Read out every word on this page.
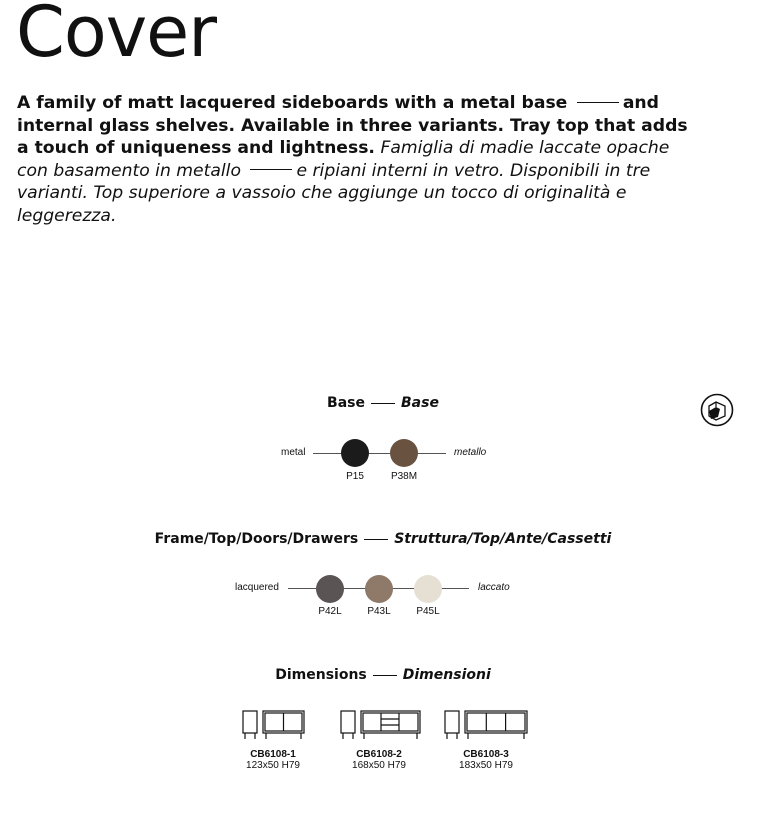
Cover

A family of matt lacquered sideboards with a metal base	and internal glass shelves. Available in three variants. Tray top that adds a touch of uniqueness and lightness. Famiglia di madie laccate opache con basamento in metallo	e ripiani interni in vetro. Disponibili in tre varianti. Top superiore a vassoio che aggiunge un tocco di originalità e leggerezza.

Base	Base
metal	metallo
P15	P38M
Frame/Top/Doors/Drawers	Struttura/Top/Ante/Cassetti
lacquered	laccato
P42L	P43L	P45L
Dimensions	Dimensioni
CB6108-1
123x50 H79
CB6108-2
168x50 H79
CB6108-3
183x50 H79
